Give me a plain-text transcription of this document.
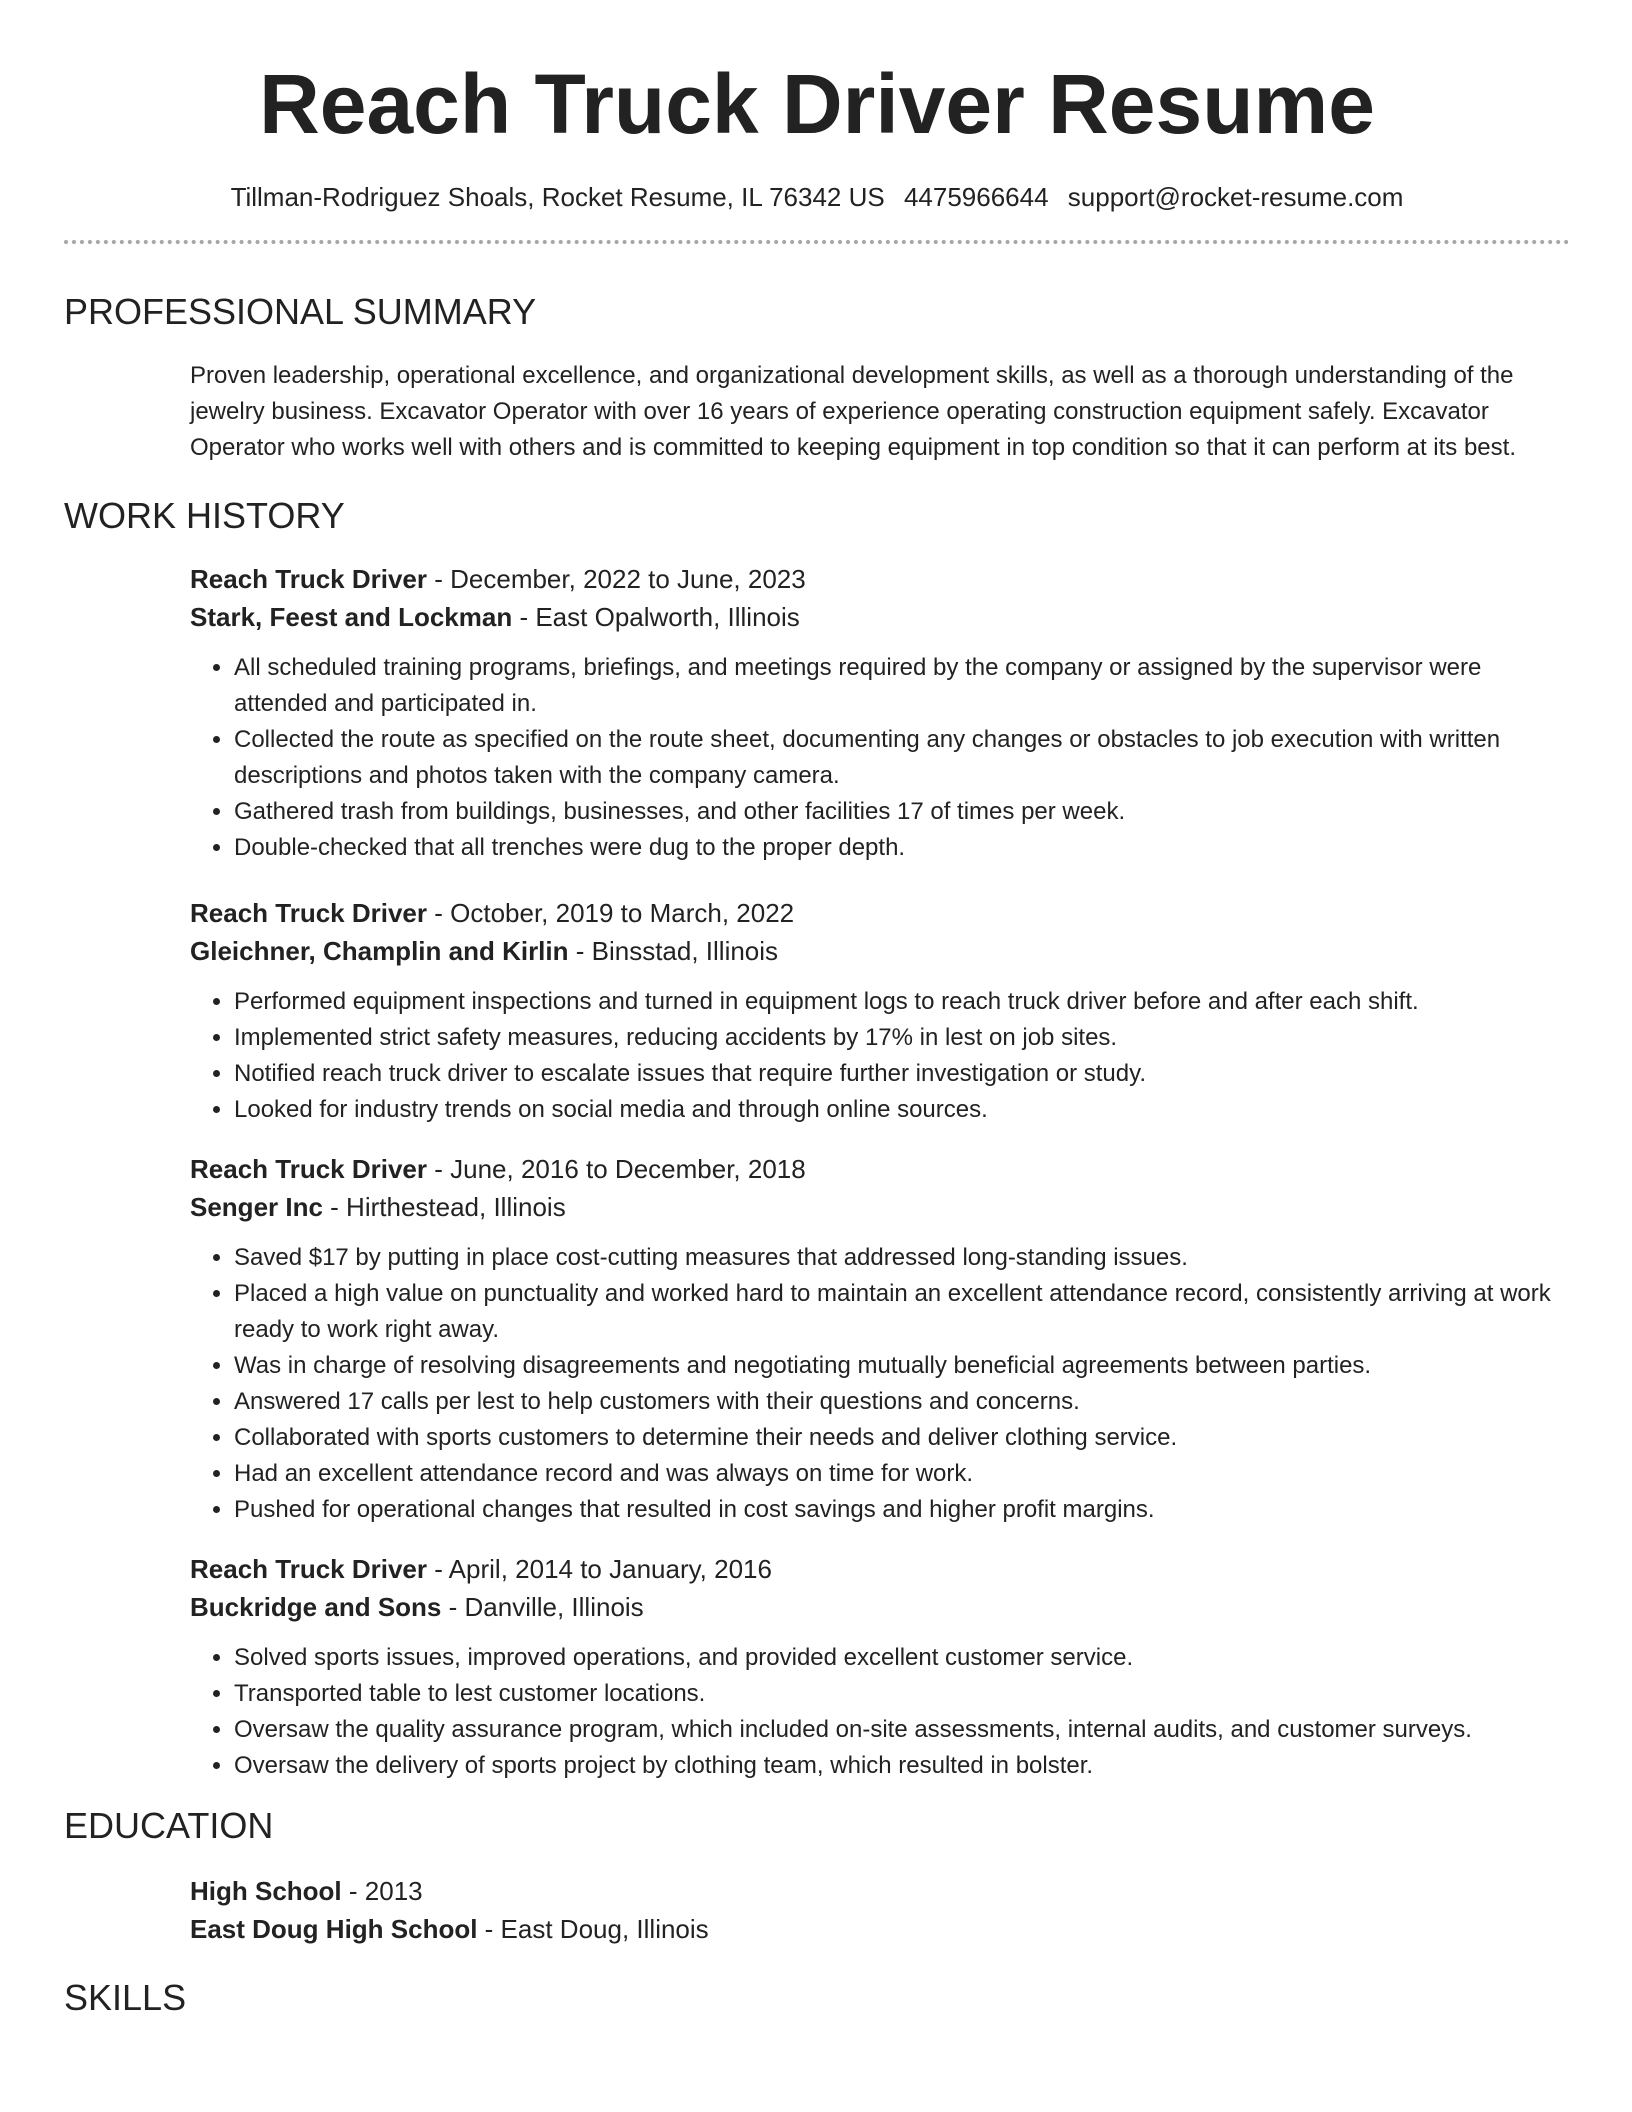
Reach Truck Driver Resume
Tillman-Rodriguez Shoals, Rocket Resume, IL 76342 US 4475966644 support@rocket-resume.com
PROFESSIONAL SUMMARY

Proven leadership, operational excellence, and organizational development skills, as well as a thorough understanding of the jewelry business. Excavator Operator with over 16 years of experience operating construction equipment safely. Excavator Operator who works well with others and is committed to keeping equipment in top condition so that it can perform at its best.

WORK HISTORY
Reach Truck Driver - December, 2022 to June, 2023
Stark, Feest and Lockman - East Opalworth, Illinois
• All scheduled training programs, briefings, and meetings required by the company or assigned by the supervisor were attended and participated in.
• Collected the route as specified on the route sheet, documenting any changes or obstacles to job execution with written descriptions and photos taken with the company camera.
• Gathered trash from buildings, businesses, and other facilities 17 of times per week.
• Double-checked that all trenches were dug to the proper depth.
Reach Truck Driver - October, 2019 to March, 2022
Gleichner, Champlin and Kirlin - Binsstad, Illinois
• Performed equipment inspections and turned in equipment logs to reach truck driver before and after each shift.
• Implemented strict safety measures, reducing accidents by 17% in lest on job sites.
• Notified reach truck driver to escalate issues that require further investigation or study.
• Looked for industry trends on social media and through online sources.
Reach Truck Driver - June, 2016 to December, 2018
Senger Inc - Hirthestead, Illinois
• Saved $17 by putting in place cost-cutting measures that addressed long-standing issues.
• Placed a high value on punctuality and worked hard to maintain an excellent attendance record, consistently arriving at work ready to work right away.
• Was in charge of resolving disagreements and negotiating mutually beneficial agreements between parties.
• Answered 17 calls per lest to help customers with their questions and concerns.
• Collaborated with sports customers to determine their needs and deliver clothing service.
• Had an excellent attendance record and was always on time for work.
• Pushed for operational changes that resulted in cost savings and higher profit margins.
Reach Truck Driver - April, 2014 to January, 2016
Buckridge and Sons - Danville, Illinois
• Solved sports issues, improved operations, and provided excellent customer service.
• Transported table to lest customer locations.
• Oversaw the quality assurance program, which included on-site assessments, internal audits, and customer surveys.
• Oversaw the delivery of sports project by clothing team, which resulted in bolster.
EDUCATION
High School - 2013
East Doug High School - East Doug, Illinois
SKILLS
